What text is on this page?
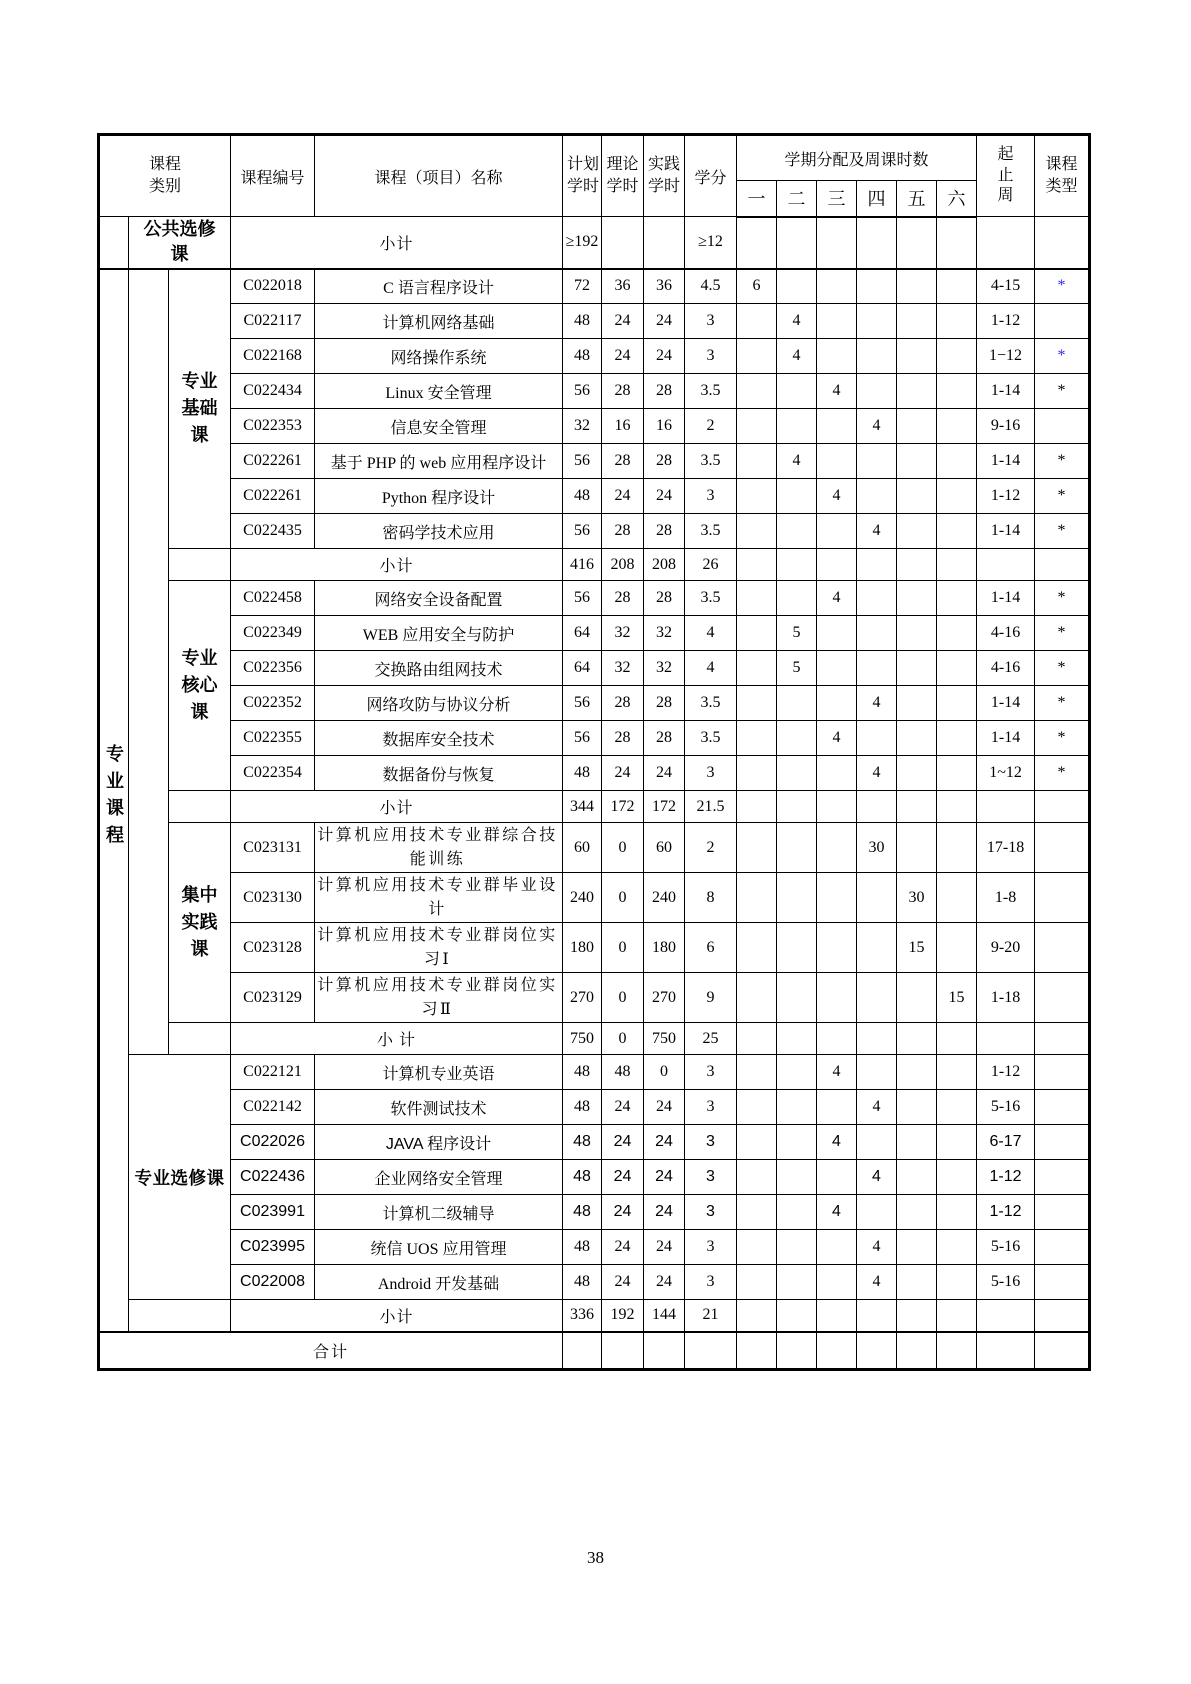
课程类别			课程编号	课程（项目）名称	计划学时	理论学时	实践学时	学分	学期分配及周课时数						起止周	课程类型
									一	二	三	四	五	六		
	公共选修课		小计		≥192			≥12								
专业课程		专业基础课	C022018	C 语言程序设计	72	36	36	4.5	6						4-15	*
			C022117	计算机网络基础	48	24	24	3		4					1-12	
			C022168	网络操作系统	48	24	24	3		4					1−12	*
			C022434	Linux 安全管理	56	28	28	3.5			4				1-14	*
			C022353	信息安全管理	32	16	16	2				4			9-16	
			C022261	基于 PHP 的 web 应用程序设计	56	28	28	3.5		4					1-14	*
			C022261	Python 程序设计	48	24	24	3			4				1-12	*
			C022435	密码学技术应用	56	28	28	3.5				4			1-14	*
			小计		416	208	208	26								
		专业核心课	C022458	网络安全设备配置	56	28	28	3.5			4				1-14	*
			C022349	WEB 应用安全与防护	64	32	32	4		5					4-16	*
			C022356	交换路由组网技术	64	32	32	4		5					4-16	*
			C022352	网络攻防与协议分析	56	28	28	3.5				4			1-14	*
			C022355	数据库安全技术	56	28	28	3.5			4				1-14	*
			C022354	数据备份与恢复	48	24	24	3				4			1~12	*
			小计		344	172	172	21.5								
		集中实践课	C023131	计算机应用技术专业群综合技能训练	60	0	60	2				30			17-18	
			C023130	计算机应用技术专业群毕业设计	240	0	240	8					30		1-8	
			C023128	计算机应用技术专业群岗位实习Ⅰ	180	0	180	6					15		9-20	
			C023129	计算机应用技术专业群岗位实习Ⅱ	270	0	270	9						15	1-18	
			小 计		750	0	750	25								
	专业选修课		C022121	计算机专业英语	48	48	0	3			4				1-12	
			C022142	软件测试技术	48	24	24	3				4			5-16	
			C022026	JAVA 程序设计	48	24	24	3			4				6-17	
			C022436	企业网络安全管理	48	24	24	3				4			1-12	
			C023991	计算机二级辅导	48	24	24	3			4				1-12	
			C023995	统信 UOS 应用管理	48	24	24	3				4			5-16	
			C022008	Android 开发基础	48	24	24	3				4			5-16	
			小计		336	192	144	21								
合计																
38
